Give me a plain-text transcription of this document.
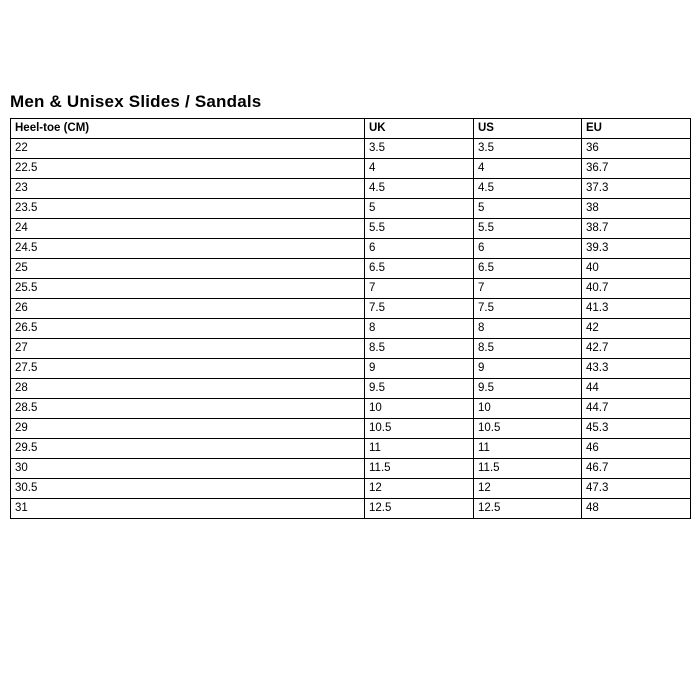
Men & Unisex Slides / Sandals
Heel-toe (CM)	UK	US	EU
22	3.5	3.5	36
22.5	4	4	36.7
23	4.5	4.5	37.3
23.5	5	5	38
24	5.5	5.5	38.7
24.5	6	6	39.3
25	6.5	6.5	40
25.5	7	7	40.7
26	7.5	7.5	41.3
26.5	8	8	42
27	8.5	8.5	42.7
27.5	9	9	43.3
28	9.5	9.5	44
28.5	10	10	44.7
29	10.5	10.5	45.3
29.5	11	11	46
30	11.5	11.5	46.7
30.5	12	12	47.3
31	12.5	12.5	48
